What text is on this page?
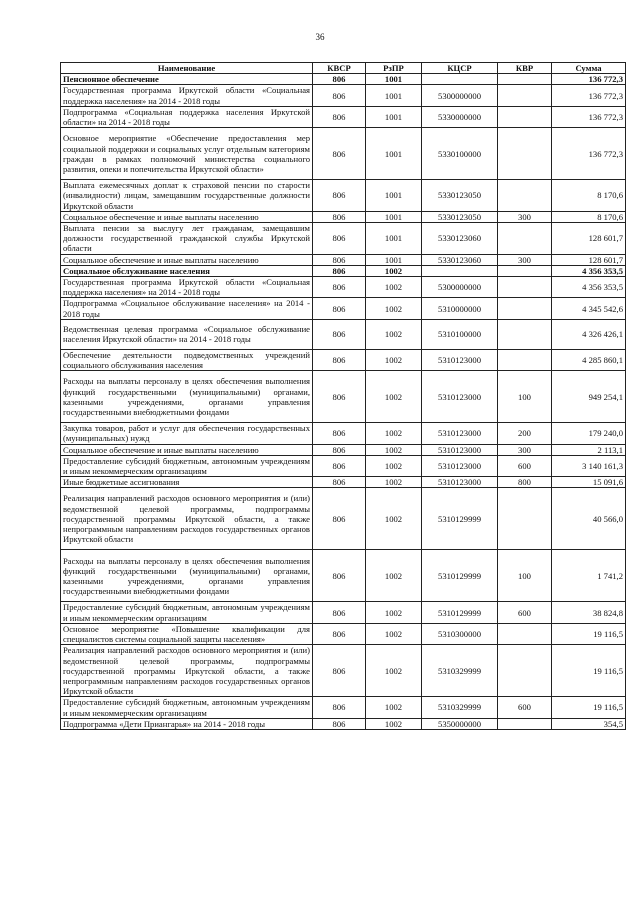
36
Наименование	КВСР	РзПР	КЦСР	КВР	Сумма
Пенсионное обеспечение	806	1001			136 772,3
Государственная программа Иркутской области «Социальная поддержка населения» на 2014 - 2018 годы	806	1001	5300000000		136 772,3
Подпрограмма «Социальная поддержка населения Иркутской области» на 2014 - 2018 годы	806	1001	5330000000		136 772,3
Основное мероприятие «Обеспечение предоставления мер социальной поддержки и социальных услуг отдельным категориям граждан в рамках полномочий министерства социального развития, опеки и попечительства Иркутской области»	806	1001	5330100000		136 772,3
Выплата ежемесячных доплат к страховой пенсии по старости (инвалидности) лицам, замещавшим государственные должности Иркутской области	806	1001	5330123050		8 170,6
Социальное обеспечение и иные выплаты населению	806	1001	5330123050	300	8 170,6
Выплата пенсии за выслугу лет гражданам, замещавшим должности государственной гражданской службы Иркутской области	806	1001	5330123060		128 601,7
Социальное обеспечение и иные выплаты населению	806	1001	5330123060	300	128 601,7
Социальное обслуживание населения	806	1002			4 356 353,5
Государственная программа Иркутской области «Социальная поддержка населения» на 2014 - 2018 годы	806	1002	5300000000		4 356 353,5
Подпрограмма «Социальное обслуживание населения» на 2014 - 2018 годы	806	1002	5310000000		4 345 542,6
Ведомственная целевая программа «Социальное обслуживание населения Иркутской области» на 2014 - 2018 годы	806	1002	5310100000		4 326 426,1
Обеспечение деятельности подведомственных учреждений социального обслуживания населения	806	1002	5310123000		4 285 860,1
Расходы на выплаты персоналу в целях обеспечения выполнения функций государственными (муниципальными) органами, казенными учреждениями, органами управления государственными внебюджетными фондами	806	1002	5310123000	100	949 254,1
Закупка товаров, работ и услуг для обеспечения государственных (муниципальных) нужд	806	1002	5310123000	200	179 240,0
Социальное обеспечение и иные выплаты населению	806	1002	5310123000	300	2 113,1
Предоставление субсидий бюджетным, автономным учреждениям и иным некоммерческим организациям	806	1002	5310123000	600	3 140 161,3
Иные бюджетные ассигнования	806	1002	5310123000	800	15 091,6
Реализация направлений расходов основного мероприятия и (или) ведомственной целевой программы, подпрограммы государственной программы Иркутской области, а также непрограммным направлениям расходов государственных органов Иркутской области	806	1002	5310129999		40 566,0
Расходы на выплаты персоналу в целях обеспечения выполнения функций государственными (муниципальными) органами, казенными учреждениями, органами управления государственными внебюджетными фондами	806	1002	5310129999	100	1 741,2
Предоставление субсидий бюджетным, автономным учреждениям и иным некоммерческим организациям	806	1002	5310129999	600	38 824,8
Основное мероприятие «Повышение квалификации для специалистов системы социальной защиты населения»	806	1002	5310300000		19 116,5
Реализация направлений расходов основного мероприятия и (или) ведомственной целевой программы, подпрограммы государственной программы Иркутской области, а также непрограммным направлениям расходов государственных органов Иркутской области	806	1002	5310329999		19 116,5
Предоставление субсидий бюджетным, автономным учреждениям и иным некоммерческим организациям	806	1002	5310329999	600	19 116,5
Подпрограмма «Дети Приангарья» на 2014 - 2018 годы	806	1002	5350000000		354,5
